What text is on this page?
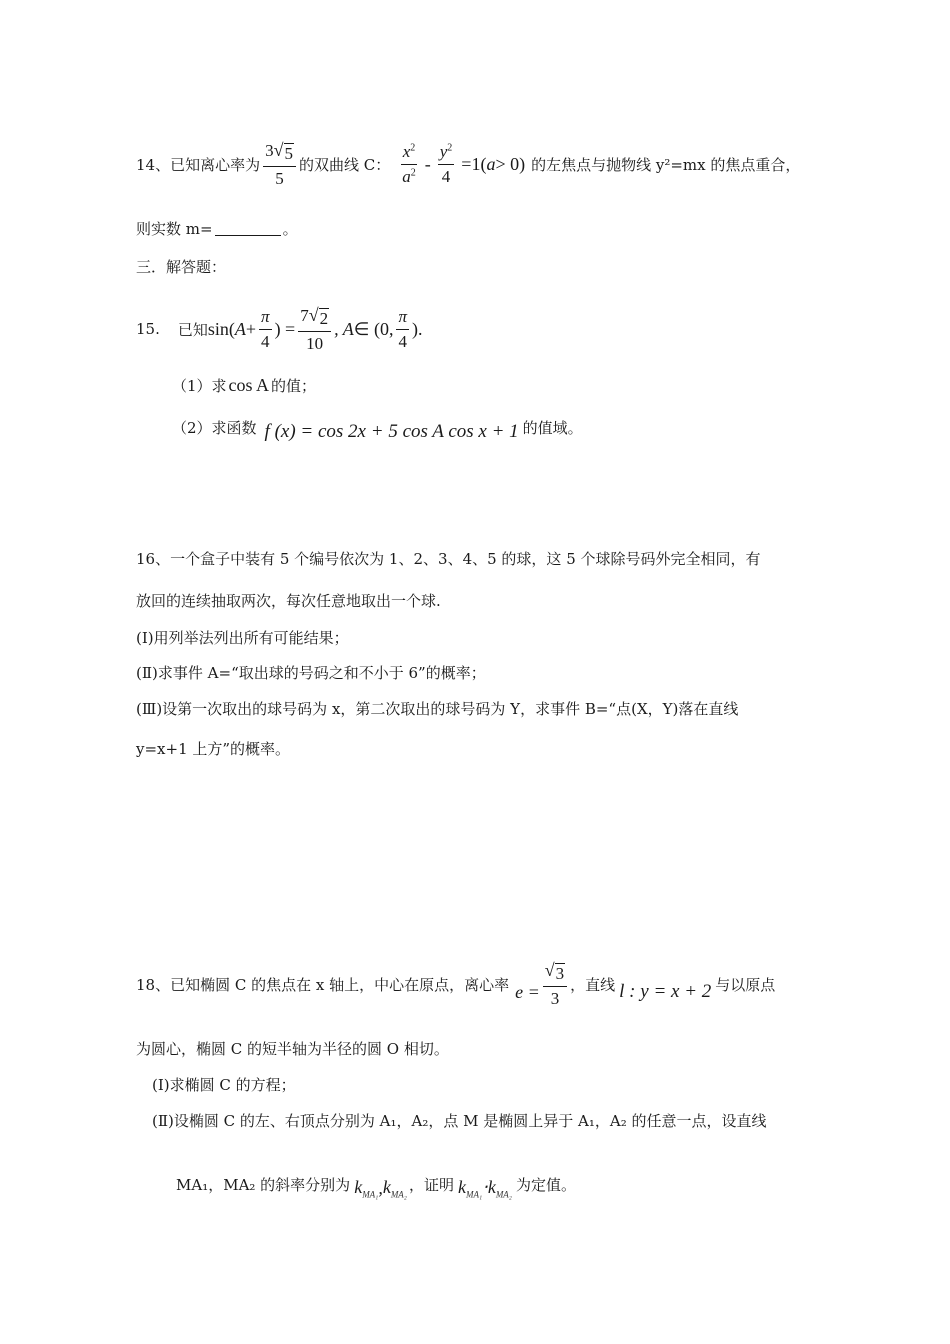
14、 已知离心率为 $\frac{3 √ 5}{5}$ 的双曲线 C： $\frac{x^2}{a^2} - \frac{y^2}{4} =1$( a > 0) 的左焦点与抛物线 y²=mx 的焦点重合，
则实数 m=	。
三．解答题：
15. 已知 sin( $A + \frac{\pi}{4}$ ) = $\frac{7 √ 2}{10}$ , A ∈ (0, $\frac{\pi}{4}$ ).
（1）求 cos A 的值；
（2）求函数 f (x) = cos 2x + 5 cos A cos x + 1 的值域。
16、一个盒子中装有 5 个编号依次为 1、2、3、4、5 的球，这 5 个球除号码外完全相同，有
放回的连续抽取两次，每次任意地取出一个球.
(Ⅰ)用列举法列出所有可能结果；
(Ⅱ)求事件 A=“取出球的号码之和不小于 6”的概率；
(Ⅲ)设第一次取出的球号码为 x，第二次取出的球号码为 Y，求事件 B=“点(X，Y)落在直线
y=x+1 上方”的概率。
18、已知椭圆 C 的焦点在 x 轴上，中心在原点，离心率 $e = \frac{√ 3}{3}$ ，直线 l : y = x + 2 与以原点
为圆心，椭圆 C 的短半轴为半径的圆 O 相切。
(Ⅰ)求椭圆 C 的方程；
(Ⅱ)设椭圆 C 的左、右顶点分别为 A₁，A₂，点 M 是椭圆上异于 A₁，A₂ 的任意一点，设直线
MA₁，MA₂ 的斜率分别为 $k_{MA_1}$ , $k_{MA_2}$
，证明 $k_{MA_1}\cdot k_{MA_2}$
为定值。
